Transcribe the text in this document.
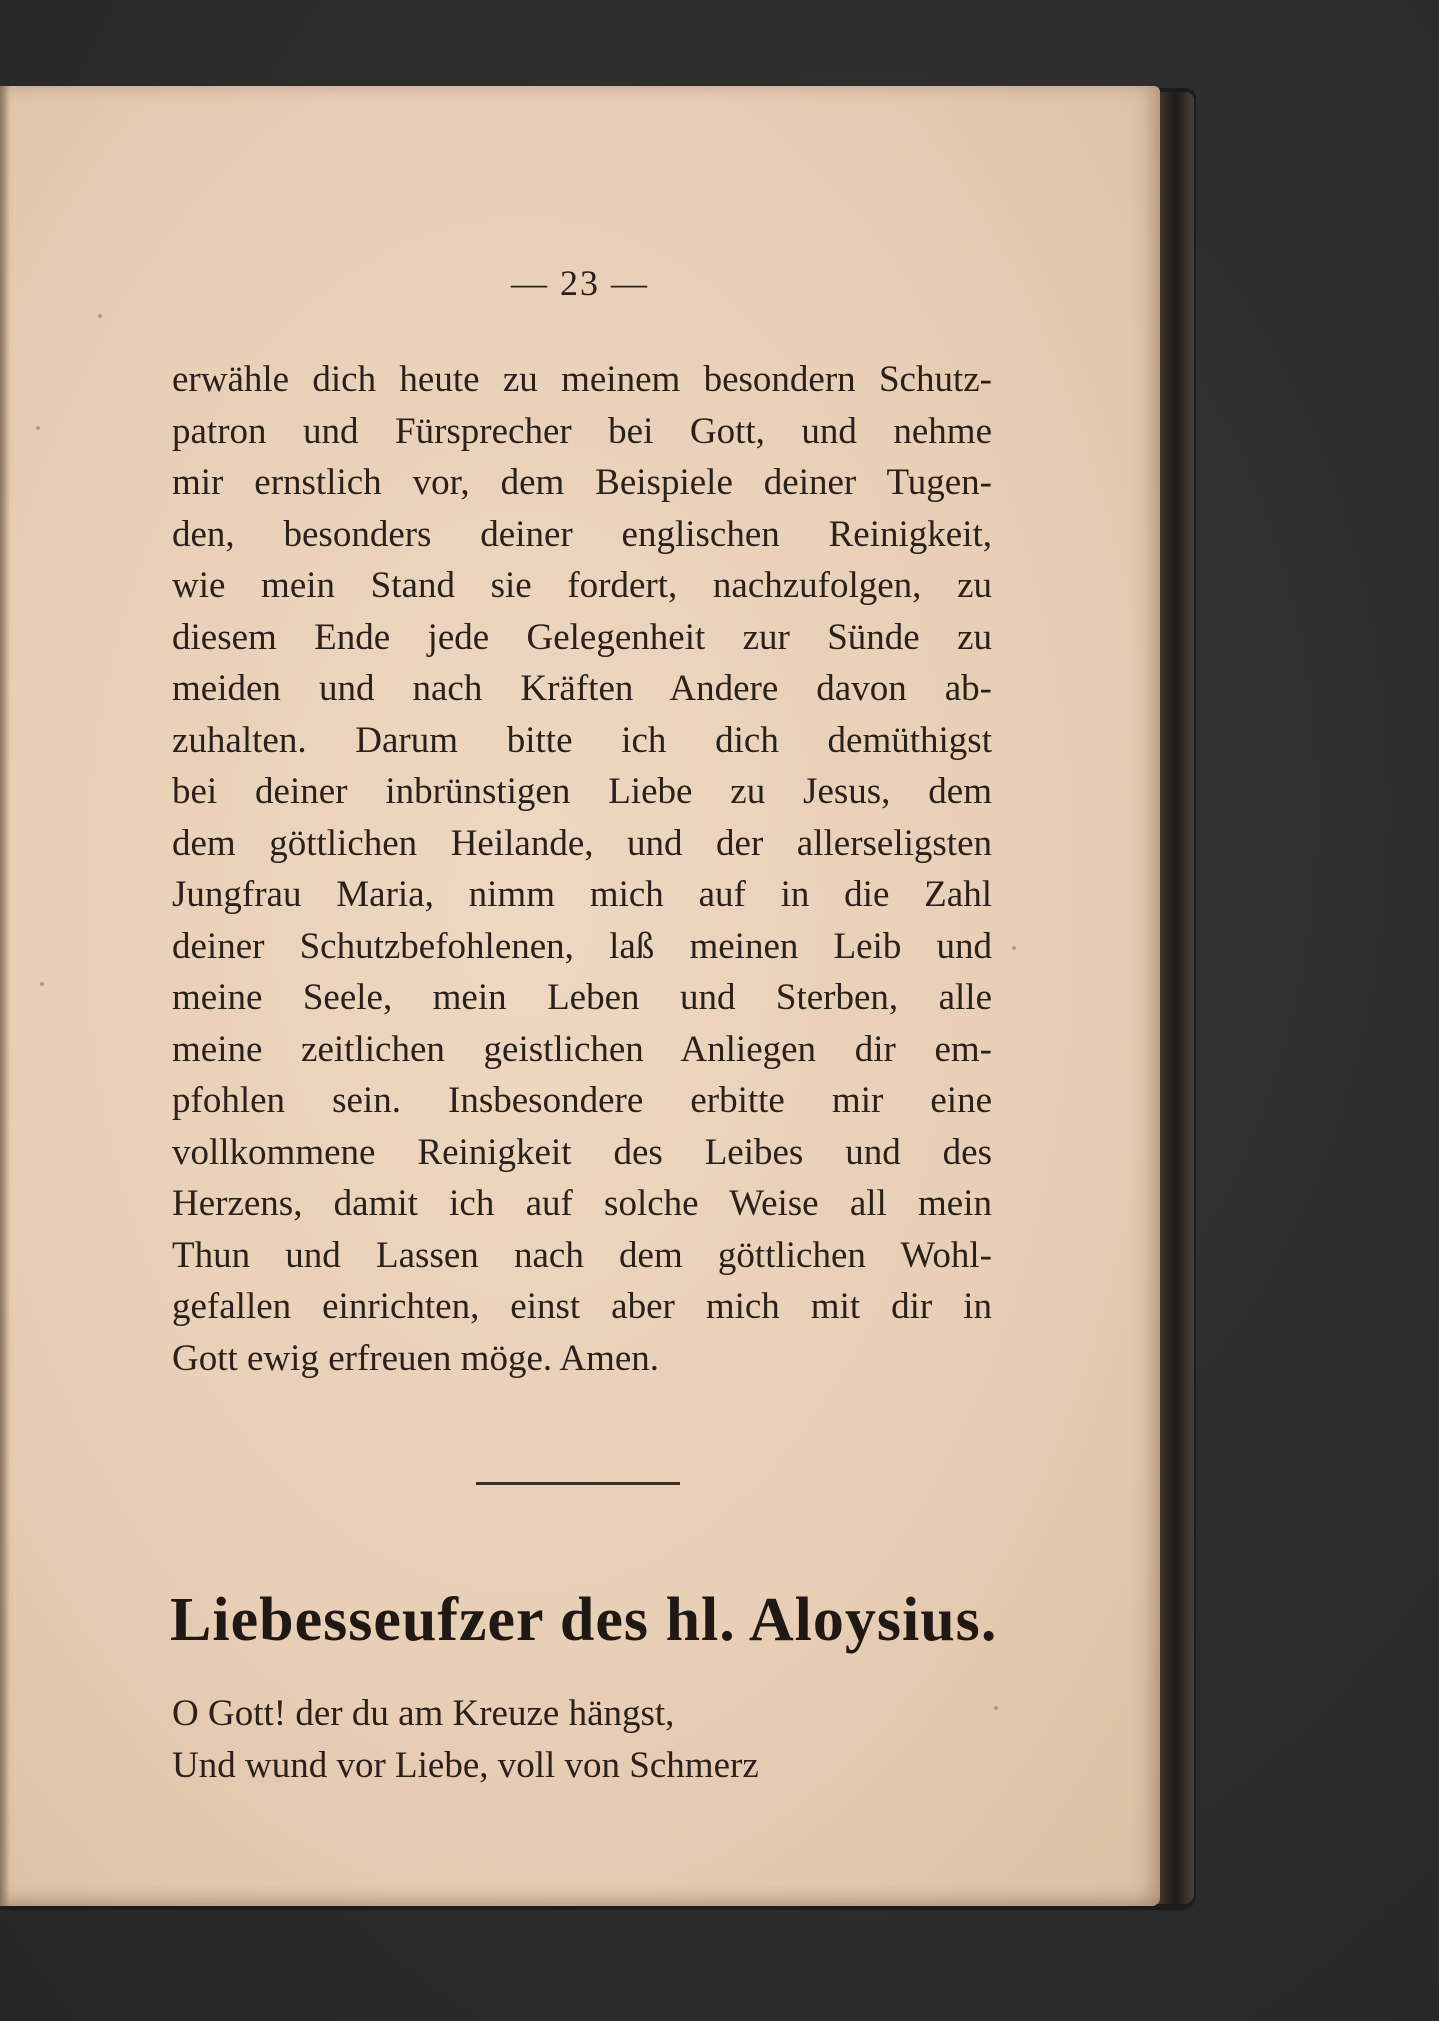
— 23 —

erwähle dich heute zu meinem besondern Schutz-
patron und Fürsprecher bei Gott, und nehme
mir ernstlich vor, dem Beispiele deiner Tugen-
den, besonders deiner englischen Reinigkeit,
wie mein Stand sie fordert, nachzufolgen, zu
diesem Ende jede Gelegenheit zur Sünde zu
meiden und nach Kräften Andere davon ab-
zuhalten. Darum bitte ich dich demüthigst
bei deiner inbrünstigen Liebe zu Jesus, dem
dem göttlichen Heilande, und der allerseligsten
Jungfrau Maria, nimm mich auf in die Zahl
deiner Schutzbefohlenen, laß meinen Leib und
meine Seele, mein Leben und Sterben, alle
meine zeitlichen geistlichen Anliegen dir em-
pfohlen sein. Insbesondere erbitte mir eine
vollkommene Reinigkeit des Leibes und des
Herzens, damit ich auf solche Weise all mein
Thun und Lassen nach dem göttlichen Wohl-
gefallen einrichten, einst aber mich mit dir in
Gott ewig erfreuen möge. Amen.
Liebesseufzer des hl. Aloysius.
O Gott! der du am Kreuze hängst,
Und wund vor Liebe, voll von Schmerz
